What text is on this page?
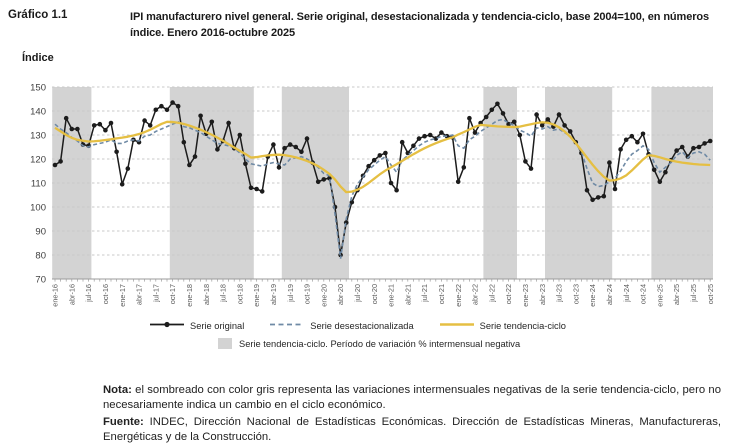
Gráfico 1.1	IPI manufacturero nivel general. Serie original, desestacionalizada y tendencia-ciclo, base 2004=100, en números índice. Enero 2016-octubre 2025
Índice
70
80
90
100
110
120
130
140
150
ene-16 abr-16 jul-16 oct-16 ene-17 abr-17 jul-17 oct-17 ene-18 abr-18 jul-18 oct-18 ene-19 abr-19 jul-19 oct-19 ene-20 abr-20 jul-20 oct-20 ene-21 abr-21 jul-21 oct-21 ene-22 abr-22 jul-22 oct-22 ene-23 abr-23 jul-23 oct-23 ene-24 abr-24 jul-24 oct-24 ene-25 abr-25 jul-25 oct-25
Serie original	Serie desestacionalizada	Serie tendencia-ciclo
Serie tendencia-ciclo. Período de variación % intermensual negativa

Nota: el sombreado con color gris representa las variaciones intermensuales negativas de la serie tendencia-ciclo, pero no necesariamente indica un cambio en el ciclo económico.

Fuente: INDEC, Dirección Nacional de Estadísticas Económicas. Dirección de Estadísticas Mineras, Manufactureras, Energéticas y de la Construcción.
